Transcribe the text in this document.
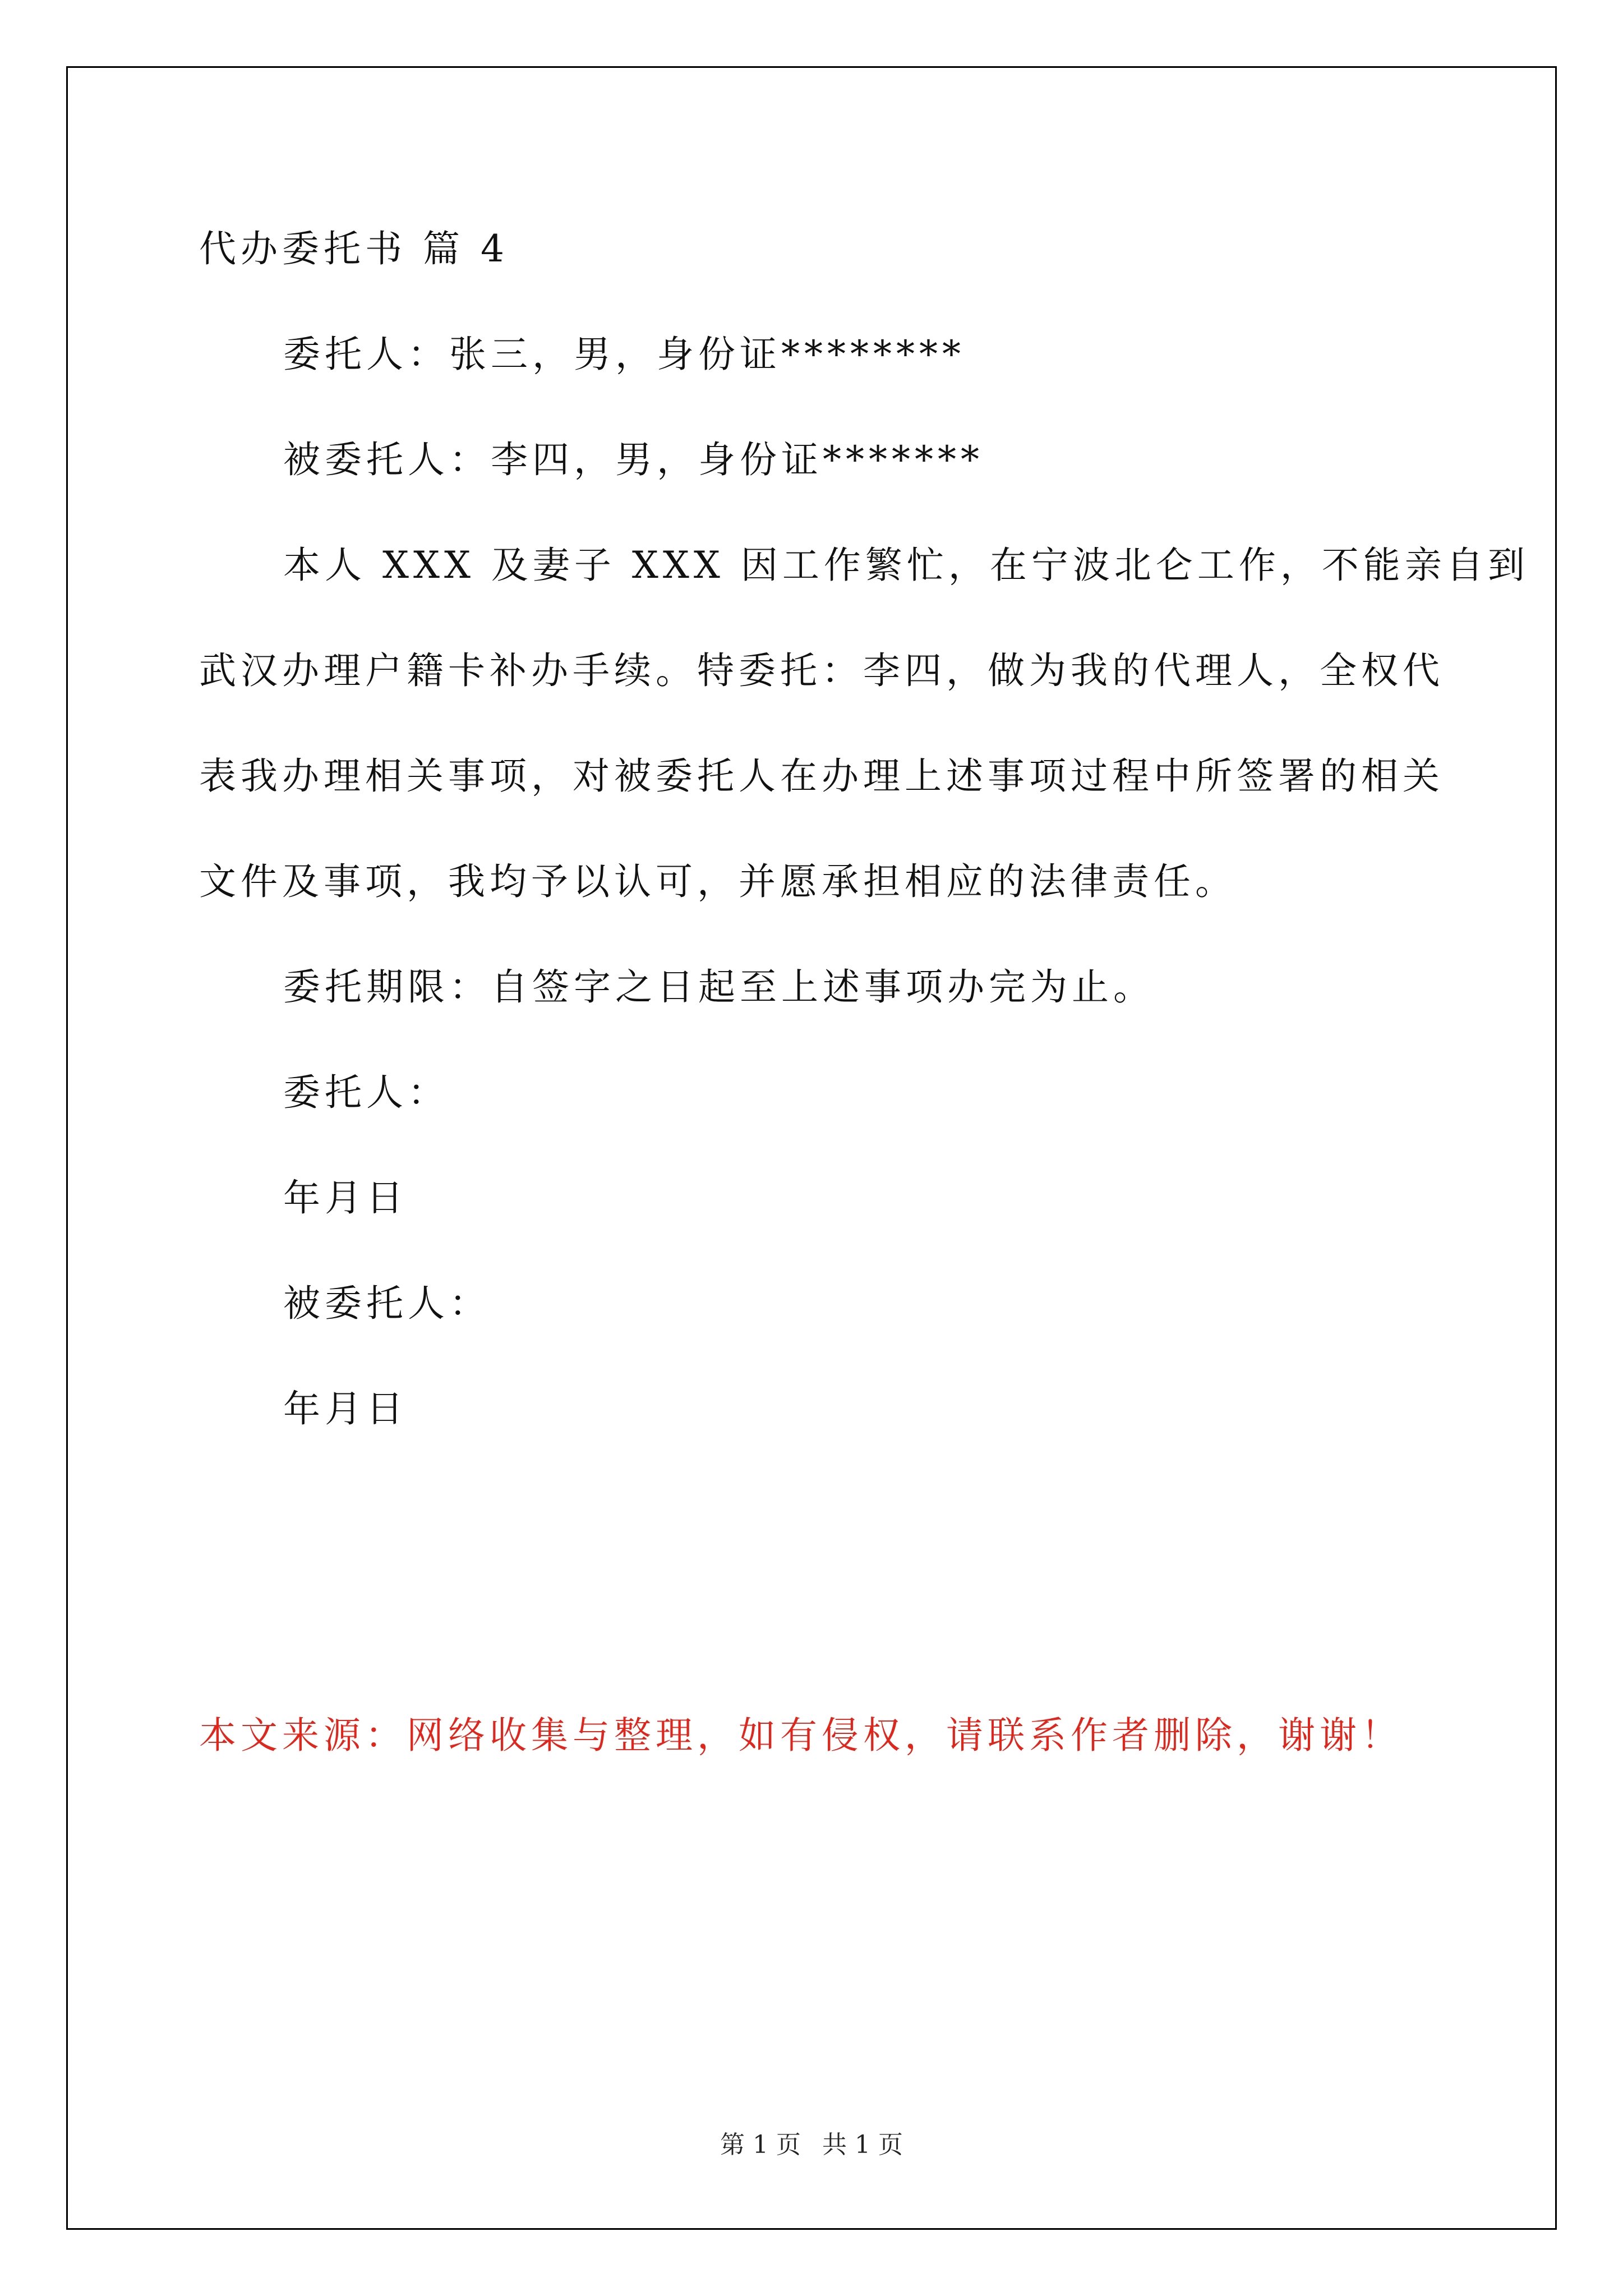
代办委托书 篇 4
委托人：张三，男，身份证********
被委托人：李四，男，身份证*******
本人 XXX 及妻子 XXX 因工作繁忙，在宁波北仑工作，不能亲自到
武汉办理户籍卡补办手续。特委托：李四，做为我的代理人，全权代
表我办理相关事项，对被委托人在办理上述事项过程中所签署的相关
文件及事项，我均予以认可，并愿承担相应的法律责任。
委托期限：自签字之日起至上述事项办完为止。
委托人：
年月日
被委托人：
年月日
本文来源：网络收集与整理，如有侵权，请联系作者删除，谢谢！
第 1 页 共 1 页
